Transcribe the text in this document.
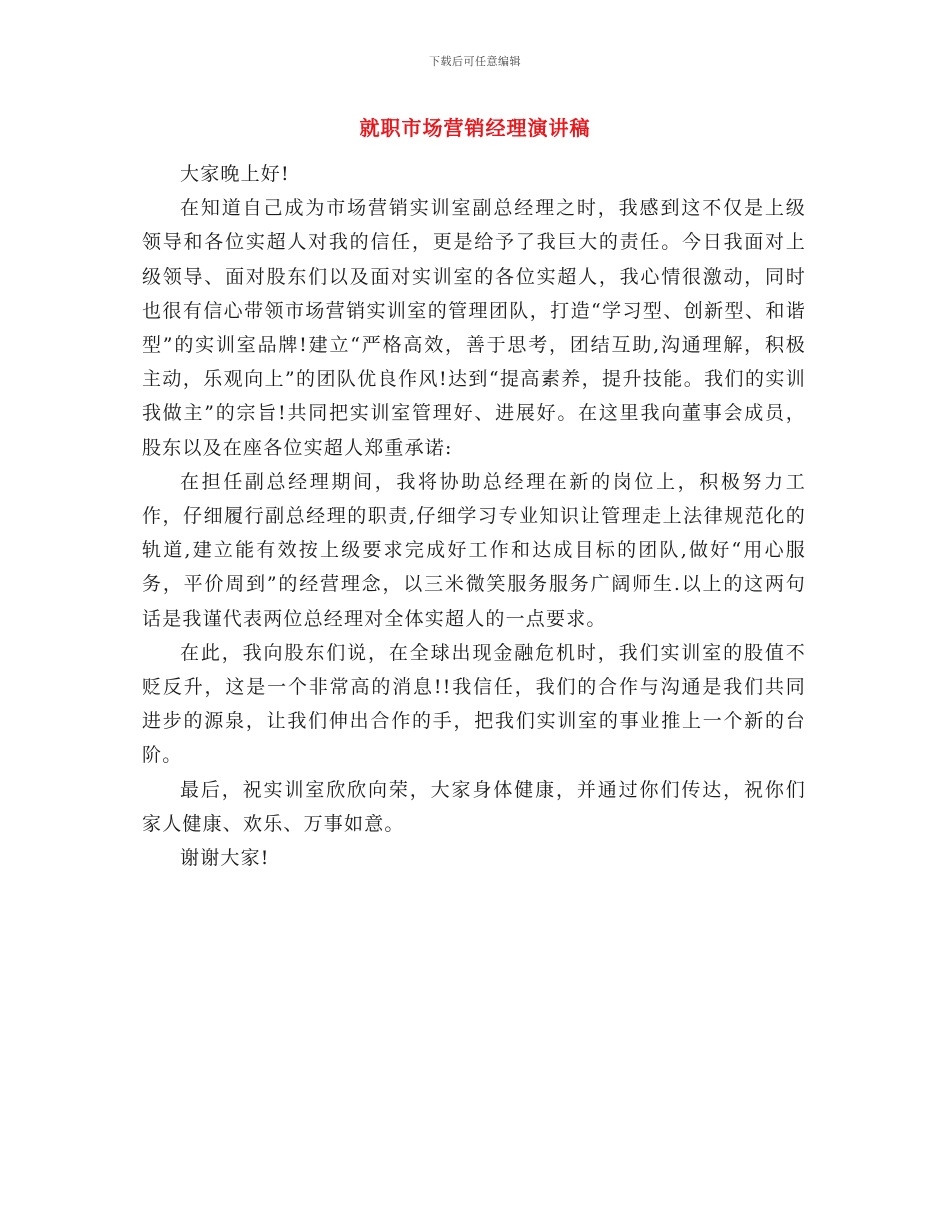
下载后可任意编辑
就职市场营销经理演讲稿

大家晚上好!

在知道自己成为市场营销实训室副总经理之时，我感到这不仅是上级领导和各位实超人对我的信任，更是给予了我巨大的责任。今日我面对上级领导、面对股东们以及面对实训室的各位实超人，我心情很激动，同时也很有信心带领市场营销实训室的管理团队，打造“学习型、创新型、和谐型”的实训室品牌!建立“严格高效，善于思考，团结互助,沟通理解，积极主动，乐观向上”的团队优良作风!达到“提高素养，提升技能。我们的实训我做主”的宗旨!共同把实训室管理好、进展好。在这里我向董事会成员，股东以及在座各位实超人郑重承诺:

在担任副总经理期间，我将协助总经理在新的岗位上，积极努力工作，仔细履行副总经理的职责,仔细学习专业知识让管理走上法律规范化的轨道,建立能有效按上级要求完成好工作和达成目标的团队,做好“用心服务，平价周到”的经营理念，以三米微笑服务服务广阔师生.以上的这两句话是我谨代表两位总经理对全体实超人的一点要求。

在此，我向股东们说，在全球出现金融危机时，我们实训室的股值不贬反升，这是一个非常高的消息!!我信任，我们的合作与沟通是我们共同进步的源泉，让我们伸出合作的手，把我们实训室的事业推上一个新的台阶。

最后，祝实训室欣欣向荣，大家身体健康，并通过你们传达，祝你们家人健康、欢乐、万事如意。

谢谢大家!
